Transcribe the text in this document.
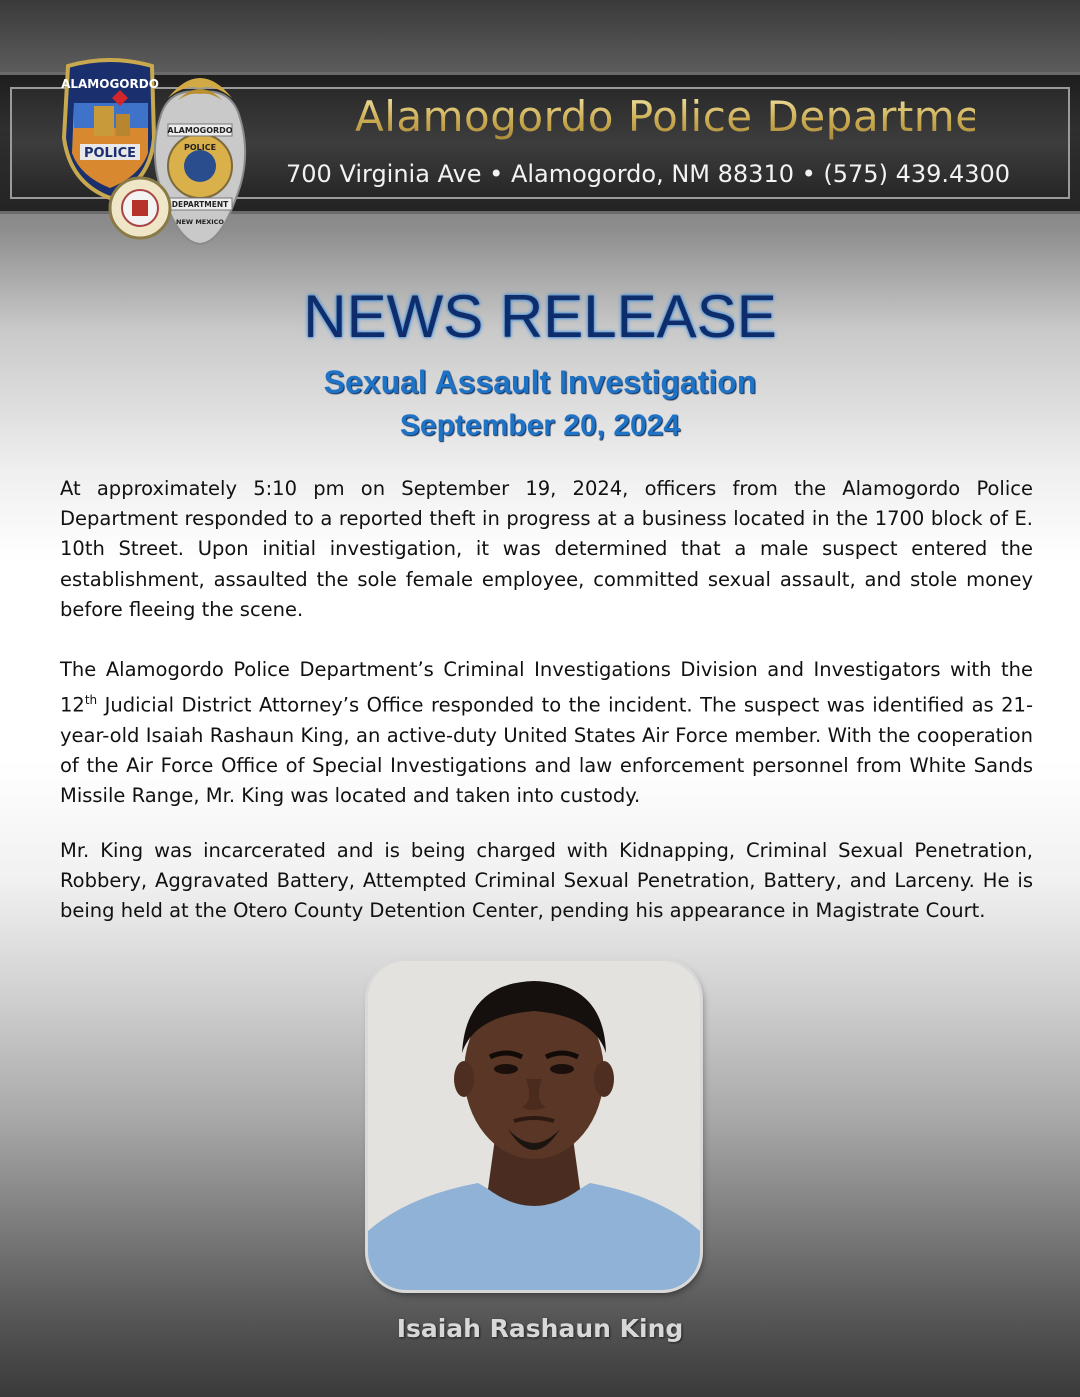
POLICE
ALAMOGORDO
ALAMOGORDO
POLICE
DEPARTMENT
NEW MEXICO
Alamogordo Police Department
700 Virginia Ave • Alamogordo, NM 88310 • (575) 439.4300
NEWS RELEASE
Sexual Assault Investigation
September 20, 2024
At approximately 5:10 pm on September 19, 2024, officers from the Alamogordo Police Department responded to a reported theft in progress at a business located in the 1700 block of E. 10th Street. Upon initial investigation, it was determined that a male suspect entered the establishment, assaulted the sole female employee, committed sexual assault, and stole money before fleeing the scene.
The Alamogordo Police Department’s Criminal Investigations Division and Investigators with the 12th Judicial District Attorney’s Office responded to the incident. The suspect was identified as 21-year-old Isaiah Rashaun King, an active-duty United States Air Force member. With the cooperation of the Air Force Office of Special Investigations and law enforcement personnel from White Sands Missile Range, Mr. King was located and taken into custody.
Mr. King was incarcerated and is being charged with Kidnapping, Criminal Sexual Penetration, Robbery, Aggravated Battery, Attempted Criminal Sexual Penetration, Battery, and Larceny. He is being held at the Otero County Detention Center, pending his appearance in Magistrate Court.
Isaiah Rashaun King
